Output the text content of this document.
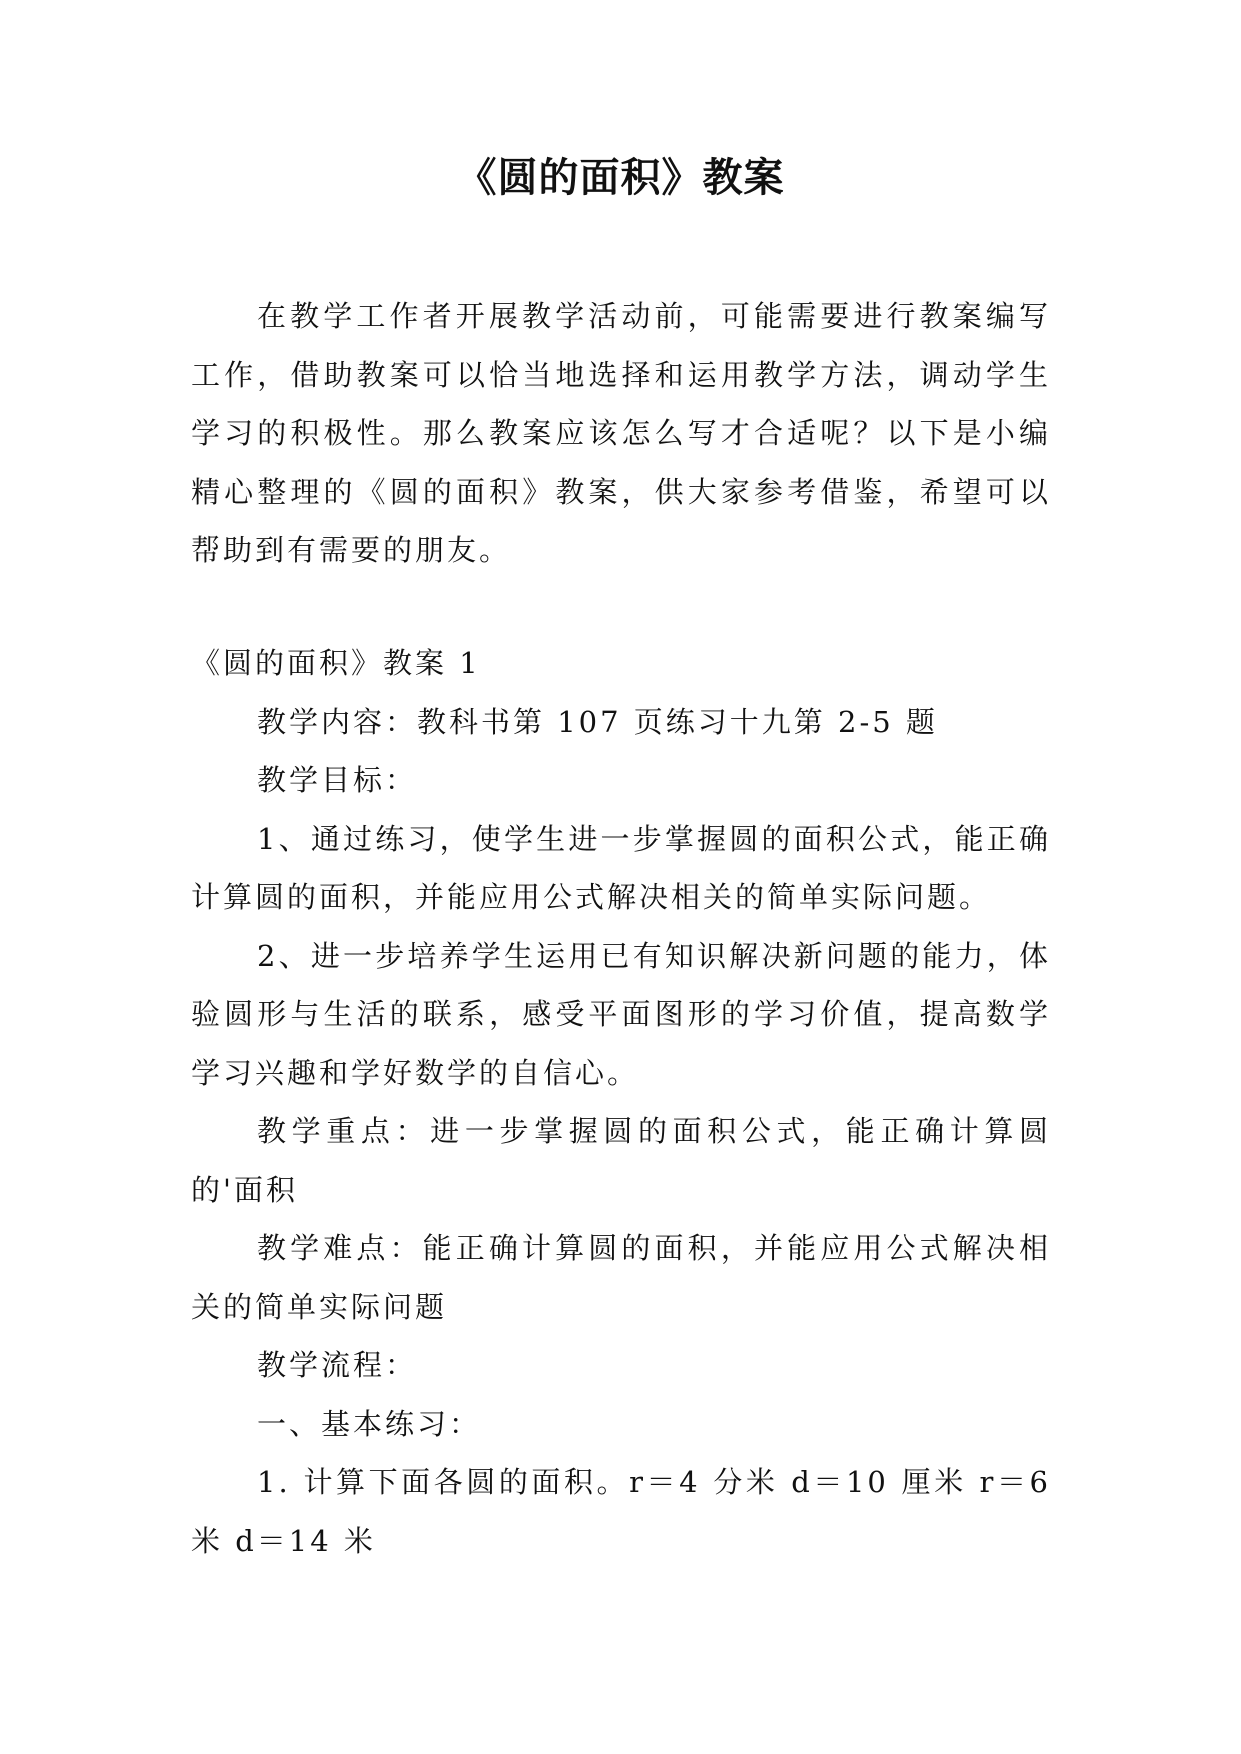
《圆的面积》教案

在教学工作者开展教学活动前，可能需要进行教案编写工作，借助教案可以恰当地选择和运用教学方法，调动学生学习的积极性。那么教案应该怎么写才合适呢？以下是小编精心整理的《圆的面积》教案，供大家参考借鉴，希望可以帮助到有需要的朋友。

《圆的面积》教案 1

教学内容：教科书第 107 页练习十九第 2-5 题

教学目标：

1、通过练习，使学生进一步掌握圆的面积公式，能正确计算圆的面积，并能应用公式解决相关的简单实际问题。

2、进一步培养学生运用已有知识解决新问题的能力，体验圆形与生活的联系，感受平面图形的学习价值，提高数学学习兴趣和学好数学的自信心。

教学重点：进一步掌握圆的面积公式，能正确计算圆的'面积

教学难点：能正确计算圆的面积，并能应用公式解决相关的简单实际问题

教学流程：

一、基本练习：

1. 计算下面各圆的面积。r＝4 分米 d＝10 厘米 r＝6 米 d＝14 米
